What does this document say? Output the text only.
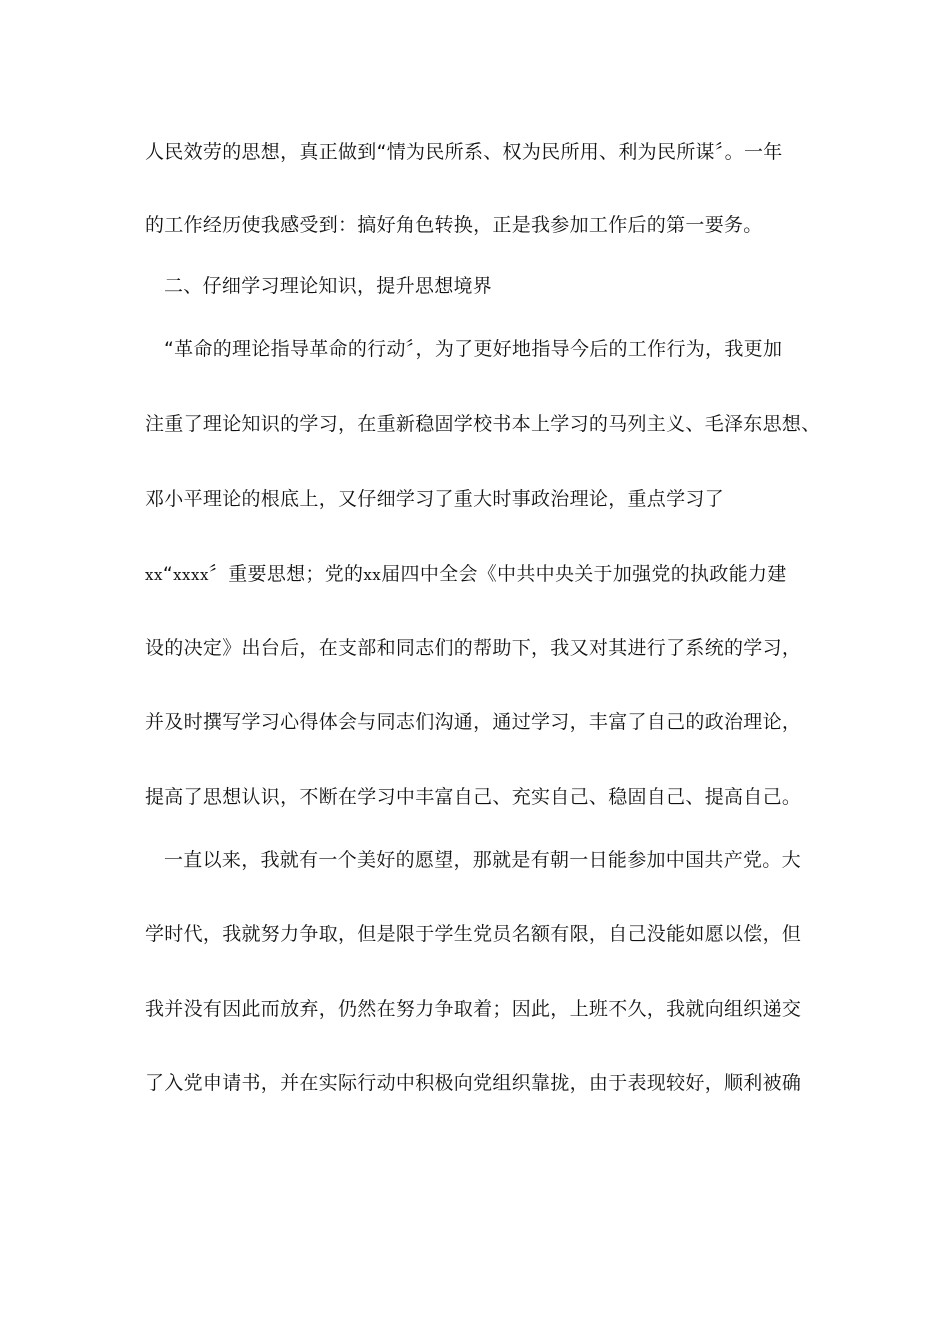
人民效劳的思想，真正做到“情为民所系、权为民所用、利为民所谋〞。一年
的工作经历使我感受到：搞好角色转换，正是我参加工作后的第一要务。
二、仔细学习理论知识，提升思想境界
“革命的理论指导革命的行动〞，为了更好地指导今后的工作行为，我更加
注重了理论知识的学习，在重新稳固学校书本上学习的马列主义、毛泽东思想、
邓小平理论的根底上，又仔细学习了重大时事政治理论，重点学习了
xx“xxxx〞重要思想；党的xx届四中全会《中共中央关于加强党的执政能力建
设的决定》出台后，在支部和同志们的帮助下，我又对其进行了系统的学习，
并及时撰写学习心得体会与同志们沟通，通过学习，丰富了自己的政治理论，
提高了思想认识，不断在学习中丰富自己、充实自己、稳固自己、提高自己。
一直以来，我就有一个美好的愿望，那就是有朝一日能参加中国共产党。大
学时代，我就努力争取，但是限于学生党员名额有限，自己没能如愿以偿，但
我并没有因此而放弃，仍然在努力争取着；因此，上班不久，我就向组织递交
了入党申请书，并在实际行动中积极向党组织靠拢，由于表现较好，顺利被确
